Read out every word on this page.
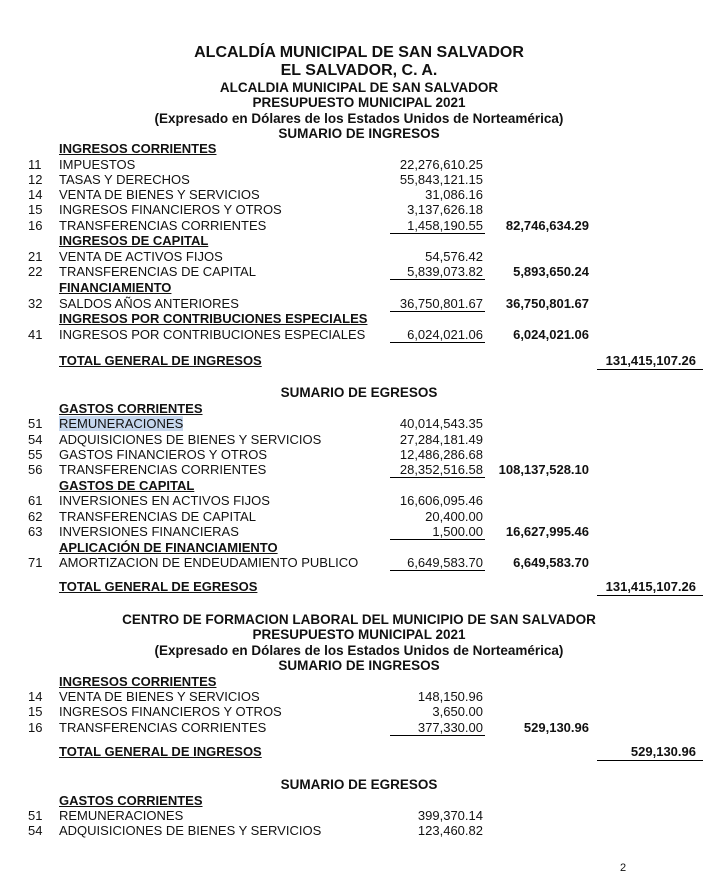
ALCALDÍA MUNICIPAL DE SAN SALVADOR
EL SALVADOR, C. A.
ALCALDIA MUNICIPAL DE SAN SALVADOR
PRESUPUESTO MUNICIPAL 2021
(Expresado en Dólares de los Estados Unidos de Norteamérica)
SUMARIO DE INGRESOS
INGRESOS CORRIENTES
11 IMPUESTOS	22,276,610.25
12 TASAS Y DERECHOS	55,843,121.15
14 VENTA DE BIENES Y SERVICIOS	31,086.16
15 INGRESOS FINANCIEROS Y OTROS	3,137,626.18
16 TRANSFERENCIAS CORRIENTES	1,458,190.55 82,746,634.29
INGRESOS DE CAPITAL
21 VENTA DE ACTIVOS FIJOS	54,576.42
22 TRANSFERENCIAS DE CAPITAL	5,839,073.82 5,893,650.24
FINANCIAMIENTO
32 SALDOS AÑOS ANTERIORES	36,750,801.67 36,750,801.67
INGRESOS POR CONTRIBUCIONES ESPECIALES
41 INGRESOS POR CONTRIBUCIONES ESPECIALES	6,024,021.06 6,024,021.06
TOTAL GENERAL DE INGRESOS	131,415,107.26
SUMARIO DE EGRESOS
GASTOS CORRIENTES
51 REMUNERACIONES	40,014,543.35
54 ADQUISICIONES DE BIENES Y SERVICIOS	27,284,181.49
55 GASTOS FINANCIEROS Y OTROS	12,486,286.68
56 TRANSFERENCIAS CORRIENTES	28,352,516.58 108,137,528.10
GASTOS DE CAPITAL
61 INVERSIONES EN ACTIVOS FIJOS	16,606,095.46
62 TRANSFERENCIAS DE CAPITAL	20,400.00
63 INVERSIONES FINANCIERAS	1,500.00 16,627,995.46
APLICACIÓN DE FINANCIAMIENTO
71 AMORTIZACION DE ENDEUDAMIENTO PUBLICO	6,649,583.70 6,649,583.70
TOTAL GENERAL DE EGRESOS	131,415,107.26
CENTRO DE FORMACION LABORAL DEL MUNICIPIO DE SAN SALVADOR
PRESUPUESTO MUNICIPAL 2021
(Expresado en Dólares de los Estados Unidos de Norteamérica)
SUMARIO DE INGRESOS
INGRESOS CORRIENTES
14 VENTA DE BIENES Y SERVICIOS	148,150.96
15 INGRESOS FINANCIEROS Y OTROS	3,650.00
16 TRANSFERENCIAS CORRIENTES	377,330.00	529,130.96
TOTAL GENERAL DE INGRESOS	529,130.96
SUMARIO DE EGRESOS
GASTOS CORRIENTES
51 REMUNERACIONES	399,370.14
54 ADQUISICIONES DE BIENES Y SERVICIOS	123,460.82
2
